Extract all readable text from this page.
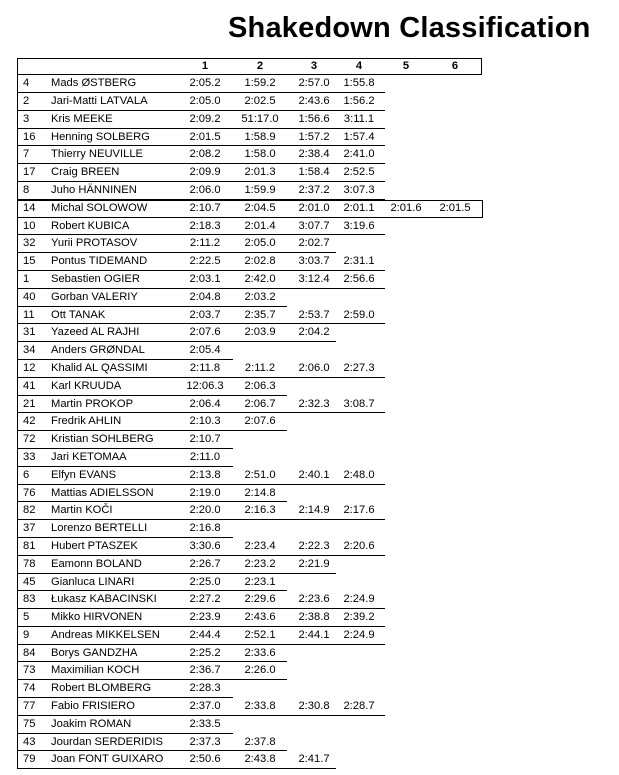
Shakedown Classification
1	2	3	4	5	6
4 Mads ØSTBERG	2:05.2	1:59.2	2:57.0	1:55.8
2 Jari-Matti LATVALA	2:05.0	2:02.5	2:43.6	1:56.2
3 Kris MEEKE	2:09.2	51:17.0	1:56.6	3:11.1
16 Henning SOLBERG	2:01.5	1:58.9	1:57.2	1:57.4
7 Thierry NEUVILLE	2:08.2	1:58.0	2:38.4	2:41.0
17 Craig BREEN	2:09.9	2:01.3	1:58.4	2:52.5
8 Juho HÄNNINEN	2:06.0	1:59.9	2:37.2	3:07.3
14 Michal SOLOWOW	2:10.7	2:04.5	2:01.0	2:01.1	2:01.6	2:01.5
10 Robert KUBICA	2:18.3	2:01.4	3:07.7	3:19.6
32 Yurii PROTASOV	2:11.2	2:05.0	2:02.7
15 Pontus TIDEMAND	2:22.5	2:02.8	3:03.7	2:31.1
1 Sebastien OGIER	2:03.1	2:42.0	3:12.4	2:56.6
40 Gorban VALERIY	2:04.8	2:03.2
11 Ott TANAK	2:03.7	2:35.7	2:53.7	2:59.0
31 Yazeed AL RAJHI	2:07.6	2:03.9	2:04.2
34 Anders GRØNDAL	2:05.4
12 Khalid AL QASSIMI	2:11.8	2:11.2	2:06.0	2:27.3
41 Karl KRUUDA	12:06.3	2:06.3
21 Martin PROKOP	2:06.4	2:06.7	2:32.3	3:08.7
42 Fredrik AHLIN	2:10.3	2:07.6
72 Kristian SOHLBERG	2:10.7
33 Jari KETOMAA	2:11.0
6 Elfyn EVANS	2:13.8	2:51.0	2:40.1	2:48.0
76 Mattias ADIELSSON	2:19.0	2:14.8
82 Martin KOČI	2:20.0	2:16.3	2:14.9	2:17.6
37 Lorenzo BERTELLI	2:16.8
81 Hubert PTASZEK	3:30.6	2:23.4	2:22.3	2:20.6
78 Eamonn BOLAND	2:26.7	2:23.2	2:21.9
45 Gianluca LINARI	2:25.0	2:23.1
83 Łukasz KABACINSKI	2:27.2	2:29.6	2:23.6	2:24.9
5 Mikko HIRVONEN	2:23.9	2:43.6	2:38.8	2:39.2
9 Andreas MIKKELSEN	2:44.4	2:52.1	2:44.1	2:24.9
84 Borys GANDZHA	2:25.2	2:33.6
73 Maximilian KOCH	2:36.7	2:26.0
74 Robert BLOMBERG	2:28.3
77 Fabio FRISIERO	2:37.0	2:33.8	2:30.8	2:28.7
75 Joakim ROMAN	2:33.5
43 Jourdan SERDERIDIS	2:37.3	2:37.8
79 Joan FONT GUIXARO	2:50.6	2:43.8	2:41.7
